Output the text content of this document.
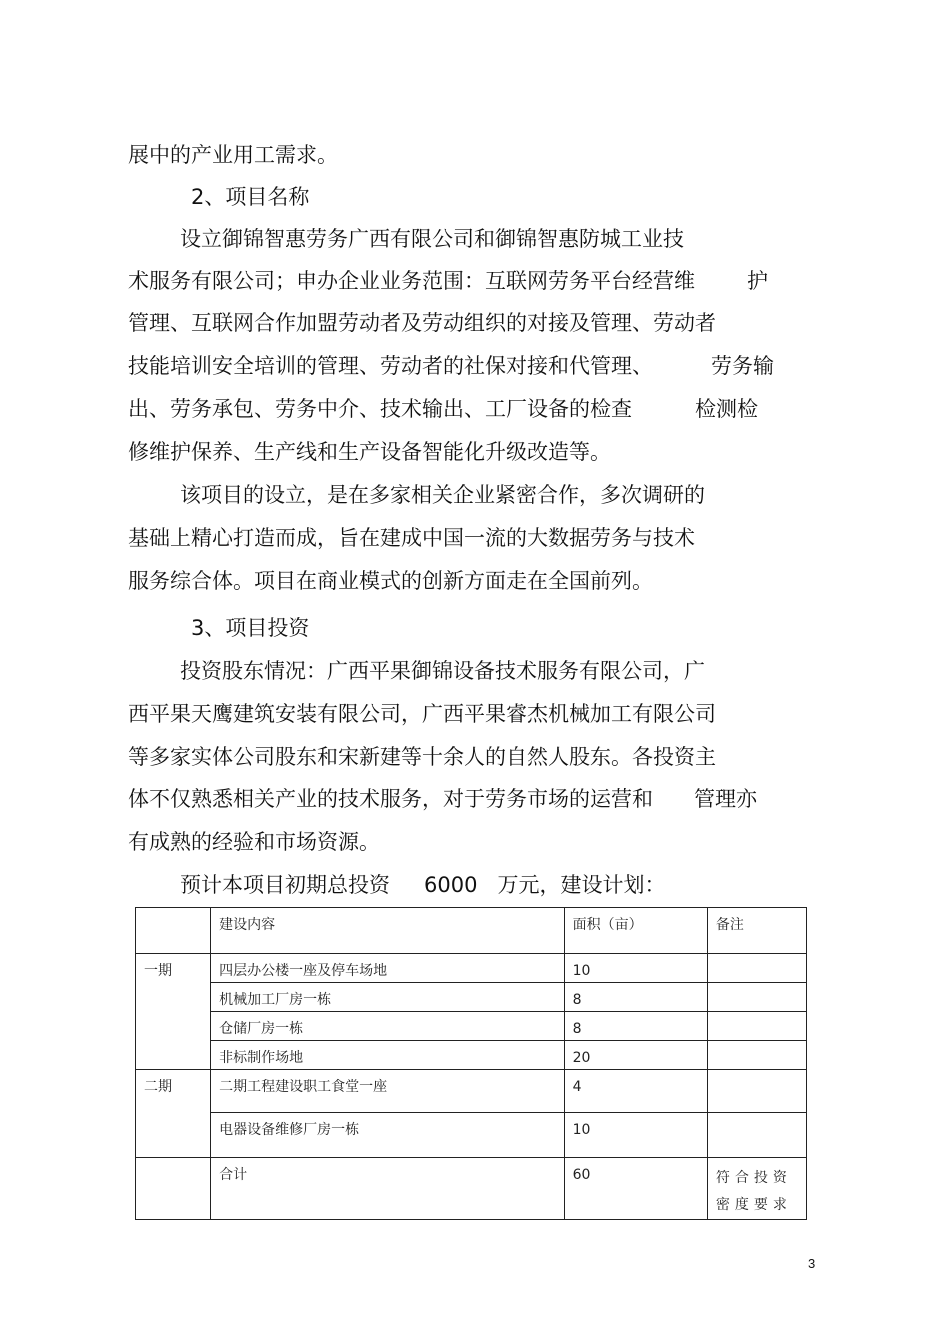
展中的产业用工需求。
2、项目名称
设立御锦智惠劳务广西有限公司和御锦智惠防城工业技
术服务有限公司；申办企业业务范围：互联网劳务平台经营维 护
管理、互联网合作加盟劳动者及劳动组织的对接及管理、劳动者
技能培训安全培训的管理、劳动者的社保对接和代管理、	劳务输
出、劳务承包、劳务中介、技术输出、工厂设备的检查	检测检
修维护保养、生产线和生产设备智能化升级改造等。
该项目的设立，是在多家相关企业紧密合作，多次调研的
基础上精心打造而成，旨在建成中国一流的大数据劳务与技术
服务综合体。项目在商业模式的创新方面走在全国前列。
3、项目投资
投资股东情况：广西平果御锦设备技术服务有限公司，广
西平果天鹰建筑安装有限公司，广西平果睿杰机械加工有限公司
等多家实体公司股东和宋新建等十余人的自然人股东。各投资主
体不仅熟悉相关产业的技术服务，对于劳务市场的运营和 管理亦
有成熟的经验和市场资源。
预计本项目初期总投资 6000 万元，建设计划：
	建设内容	面积（亩）	备注
一期	四层办公楼一座及停车场地	10	
	机械加工厂房一栋	8	
	仓储厂房一栋	8	
	非标制作场地	20	
二期	二期工程建设职工食堂一座	4	
	电器设备维修厂房一栋	10	
	合计	60	符合投资密度要求
3
